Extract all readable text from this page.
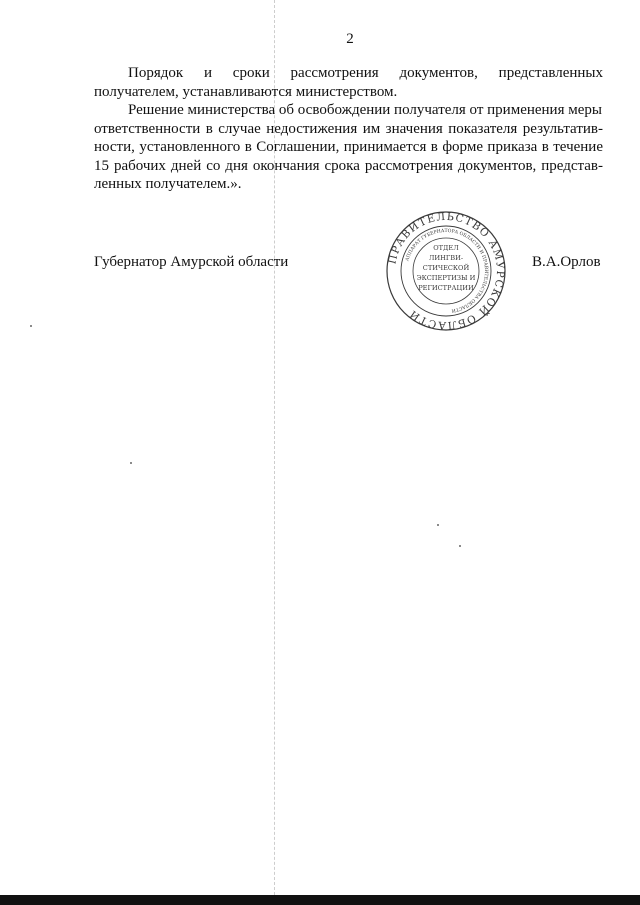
2
Порядок и сроки рассмотрения документов, представленных
получателем, устанавливаются министерством.
Решение министерства об освобождении получателя от применения меры
ответственности в случае недостижения им значения показателя результатив-
ности, установленного в Соглашении, принимается в форме приказа в течение
15 рабочих дней со дня окончания срока рассмотрения документов, представ-
ленных получателем.».
Губернатор Амурской области	ПРАВИТЕЛЬСТВО АМУРСКОЙ ОБЛАСТИ
АППАРАТ ГУБЕРНАТОРА ОБЛАСТИ И ПРАВИТЕЛЬСТВА ОБЛАСТИ
ОТДЕЛ
ЛИНГВИ-
СТИЧЕСКОЙ
ЭКСПЕРТИЗЫ И
РЕГИСТРАЦИИ
В.А.Орлов
